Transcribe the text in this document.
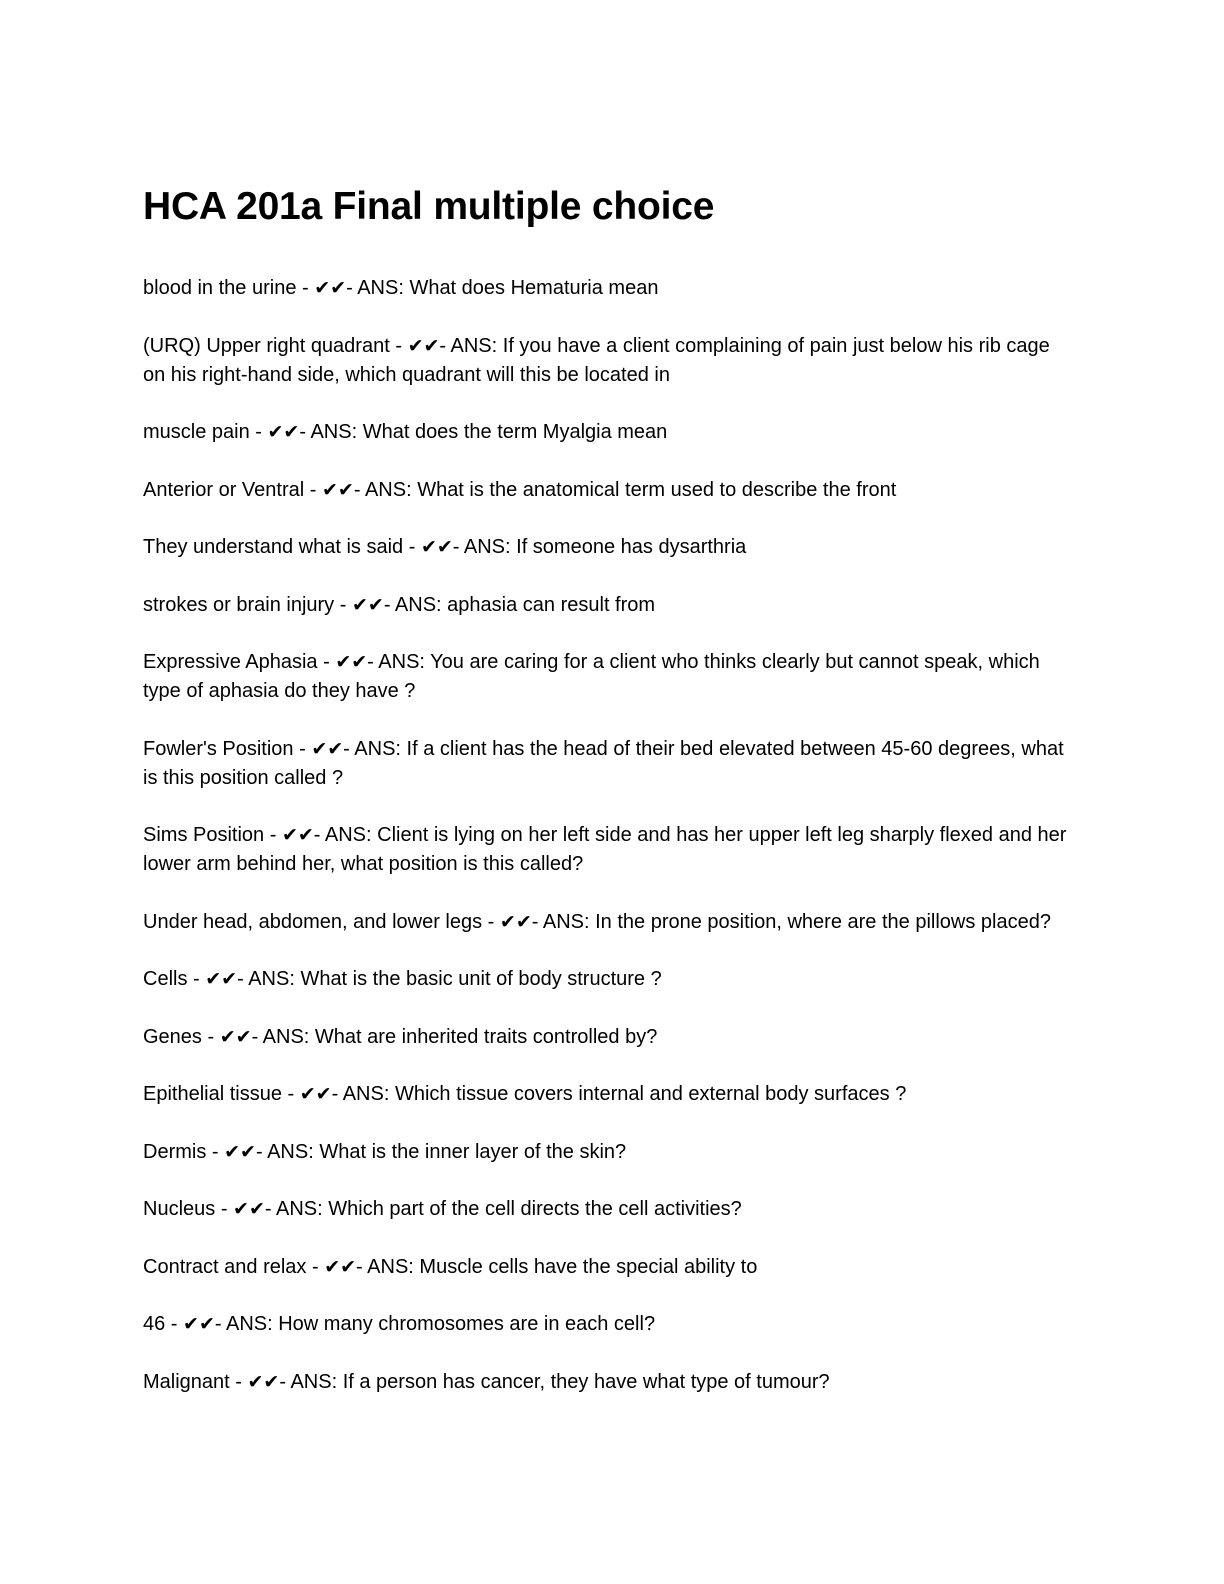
HCA 201a Final multiple choice
blood in the urine - ✔✔- ANS: What does Hematuria mean
(URQ) Upper right quadrant - ✔✔- ANS: If you have a client complaining of pain just below his rib cage on his right-hand side, which quadrant will this be located in
muscle pain - ✔✔- ANS: What does the term Myalgia mean
Anterior or Ventral - ✔✔- ANS: What is the anatomical term used to describe the front
They understand what is said - ✔✔- ANS: If someone has dysarthria
strokes or brain injury - ✔✔- ANS: aphasia can result from
Expressive Aphasia - ✔✔- ANS: You are caring for a client who thinks clearly but cannot speak, which type of aphasia do they have ?
Fowler's Position - ✔✔- ANS: If a client has the head of their bed elevated between 45-60 degrees, what is this position called ?
Sims Position - ✔✔- ANS: Client is lying on her left side and has her upper left leg sharply flexed and her lower arm behind her, what position is this called?
Under head, abdomen, and lower legs - ✔✔- ANS: In the prone position, where are the pillows placed?
Cells - ✔✔- ANS: What is the basic unit of body structure ?
Genes - ✔✔- ANS: What are inherited traits controlled by?
Epithelial tissue - ✔✔- ANS: Which tissue covers internal and external body surfaces ?
Dermis - ✔✔- ANS: What is the inner layer of the skin?
Nucleus - ✔✔- ANS: Which part of the cell directs the cell activities?
Contract and relax - ✔✔- ANS: Muscle cells have the special ability to
46 - ✔✔- ANS: How many chromosomes are in each cell?
Malignant - ✔✔- ANS: If a person has cancer, they have what type of tumour?
